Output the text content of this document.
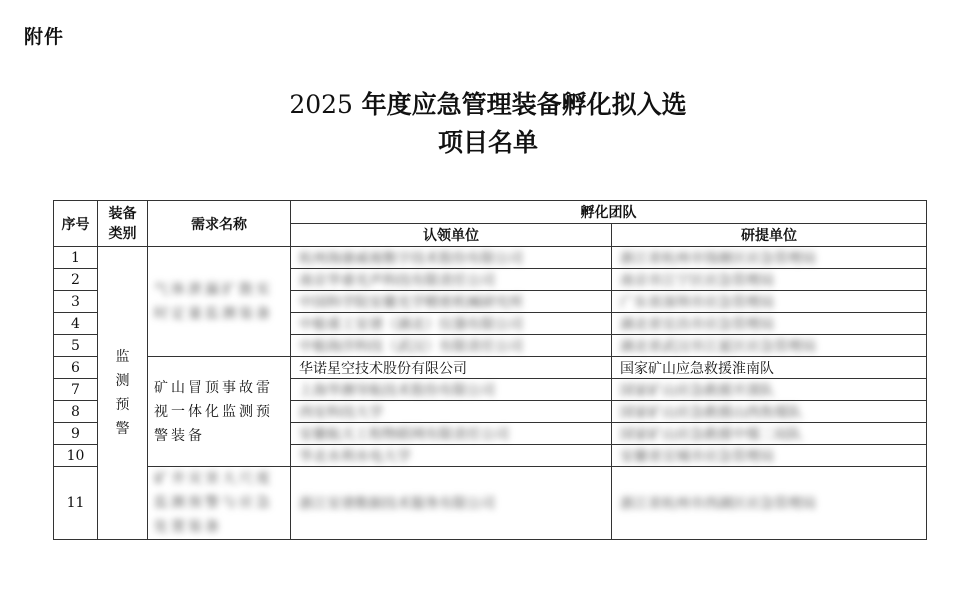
附件
2025 年度应急管理装备孵化拟入选
项目名单
序号	装备类别	需求名称	孵化团队	
			认领单位	研提单位
1	监测预警	气体泄漏扩散实时定量监测装备	杭州海康威视数字技术股份有限公司	浙江省杭州市钱塘区应急管理局
2			南京华睿光声科技有限责任公司	南京市江宁区应急管理局
3			中国科学院安徽光学精密机械研究所	广东省深圳市应急管理局
4			中船重工安谱（湖北）仪器有限公司	湖北省宜昌市应急管理局
5			中船海洋科技（武汉）有限责任公司	湖北省武汉市江夏区应急管理局
6		矿山冒顶事故雷视一体化监测预警装备	华诺星空技术股份有限公司	国家矿山应急救援淮南队
7			上海华测导航技术股份有限公司	国家矿山应急救援开滦队
8			西安科技大学	国家矿山应急救援山西焦煤队
9			安徽航天工程物联网有限责任公司	国家矿山应急救援中煤二局队
10			华北水利水电大学	安徽省宣城市应急管理局
11		矿井灾害大尺度监测预警与应急处置装备	浙江安谱数据技术服务有限公司	浙江省杭州市西湖区应急管理局
